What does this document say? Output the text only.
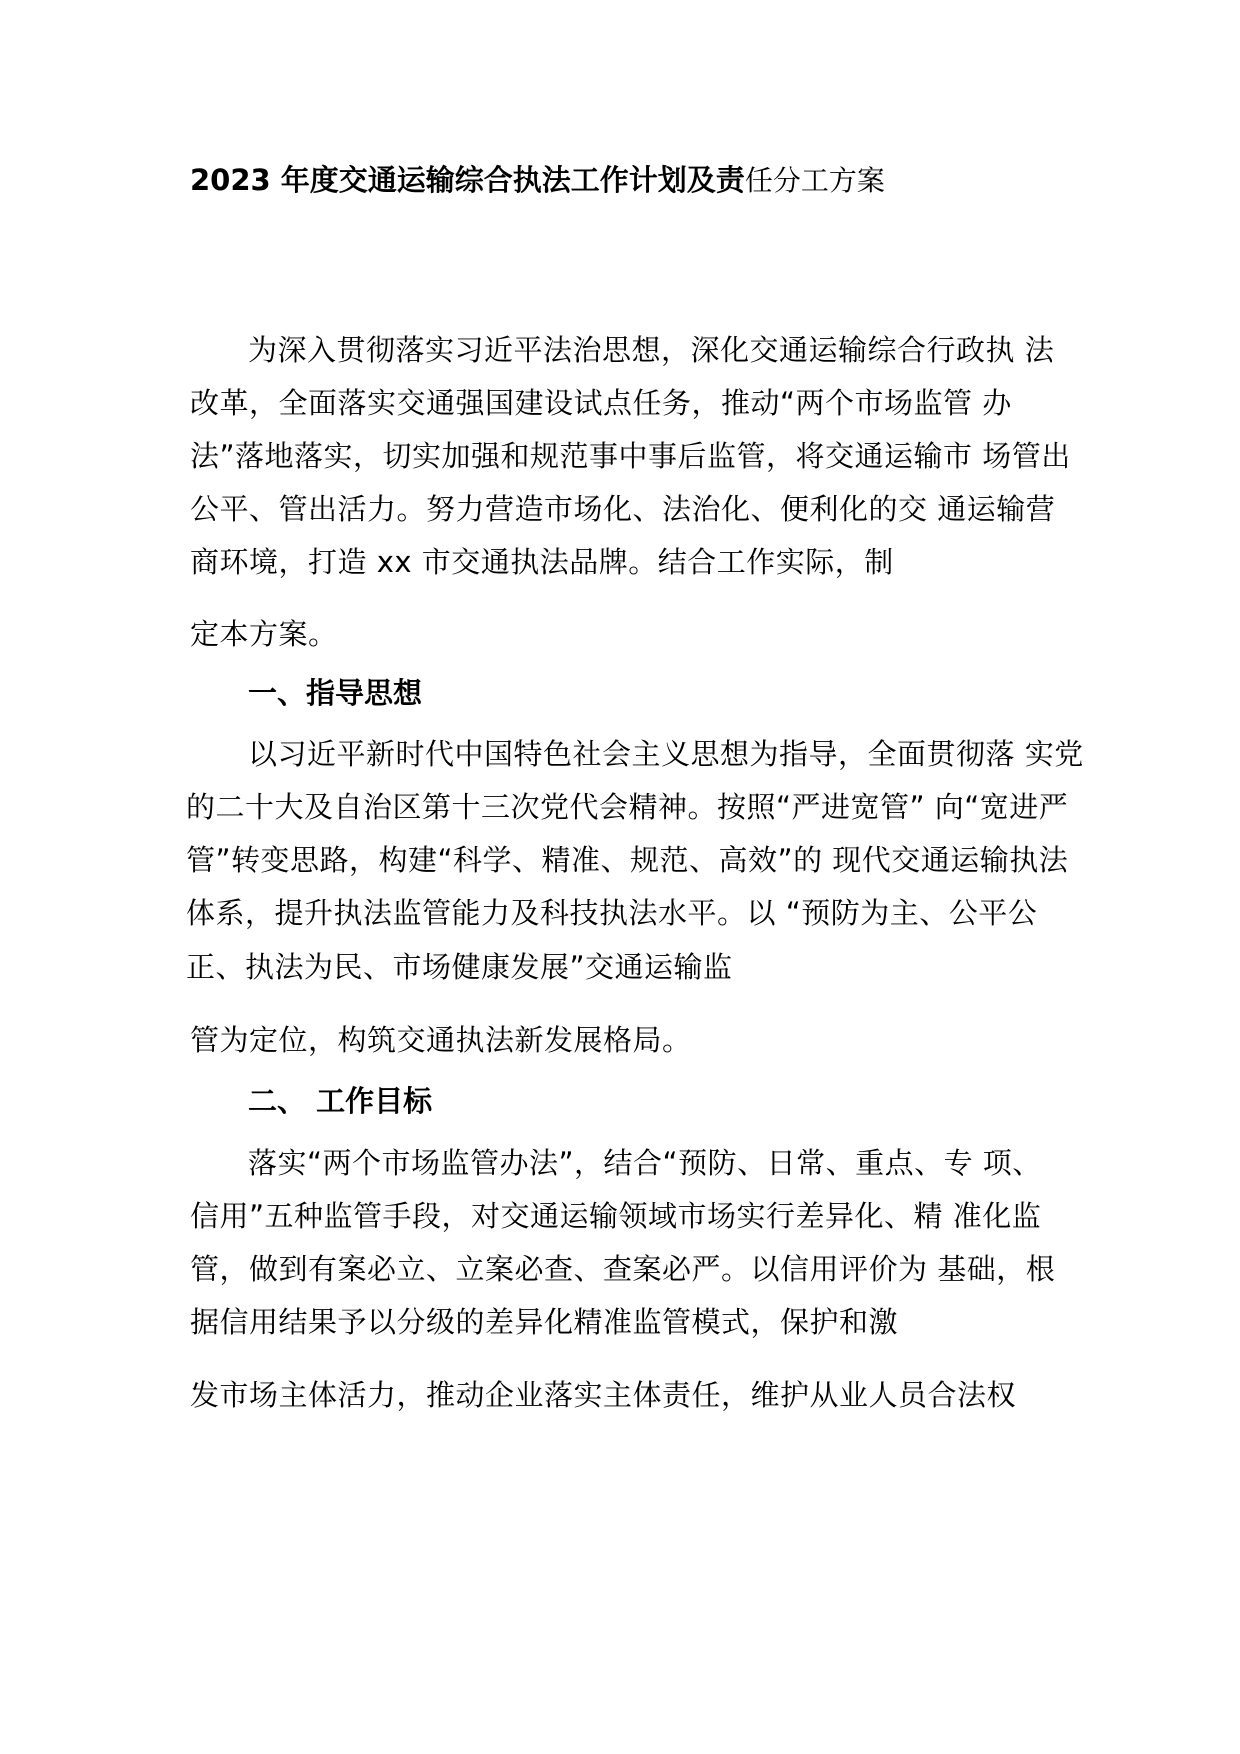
2023 年度交通运输综合执法工作计划及责任分工方案
为深入贯彻落实习近平法治思想，深化交通运输综合行政执 法
改革，全面落实交通强国建设试点任务，推动“两个市场监管 办
法”落地落实，切实加强和规范事中事后监管，将交通运输市 场管出
公平、管出活力。努力营造市场化、法治化、便利化的交 通运输营
商环境，打造 xx 市交通执法品牌。结合工作实际，制
定本方案。
一、指导思想
以习近平新时代中国特色社会主义思想为指导，全面贯彻落 实党
的二十大及自治区第十三次党代会精神。按照“严进宽管” 向“宽进严
管”转变思路，构建“科学、精准、规范、高效”的 现代交通运输执法
体系，提升执法监管能力及科技执法水平。以 “预防为主、公平公
正、执法为民、市场健康发展”交通运输监
管为定位，构筑交通执法新发展格局。
二、 工作目标
落实“两个市场监管办法”，结合“预防、日常、重点、专 项、
信用”五种监管手段，对交通运输领域市场实行差异化、精 准化监
管，做到有案必立、立案必查、查案必严。以信用评价为 基础，根
据信用结果予以分级的差异化精准监管模式，保护和激
发市场主体活力，推动企业落实主体责任，维护从业人员合法权
